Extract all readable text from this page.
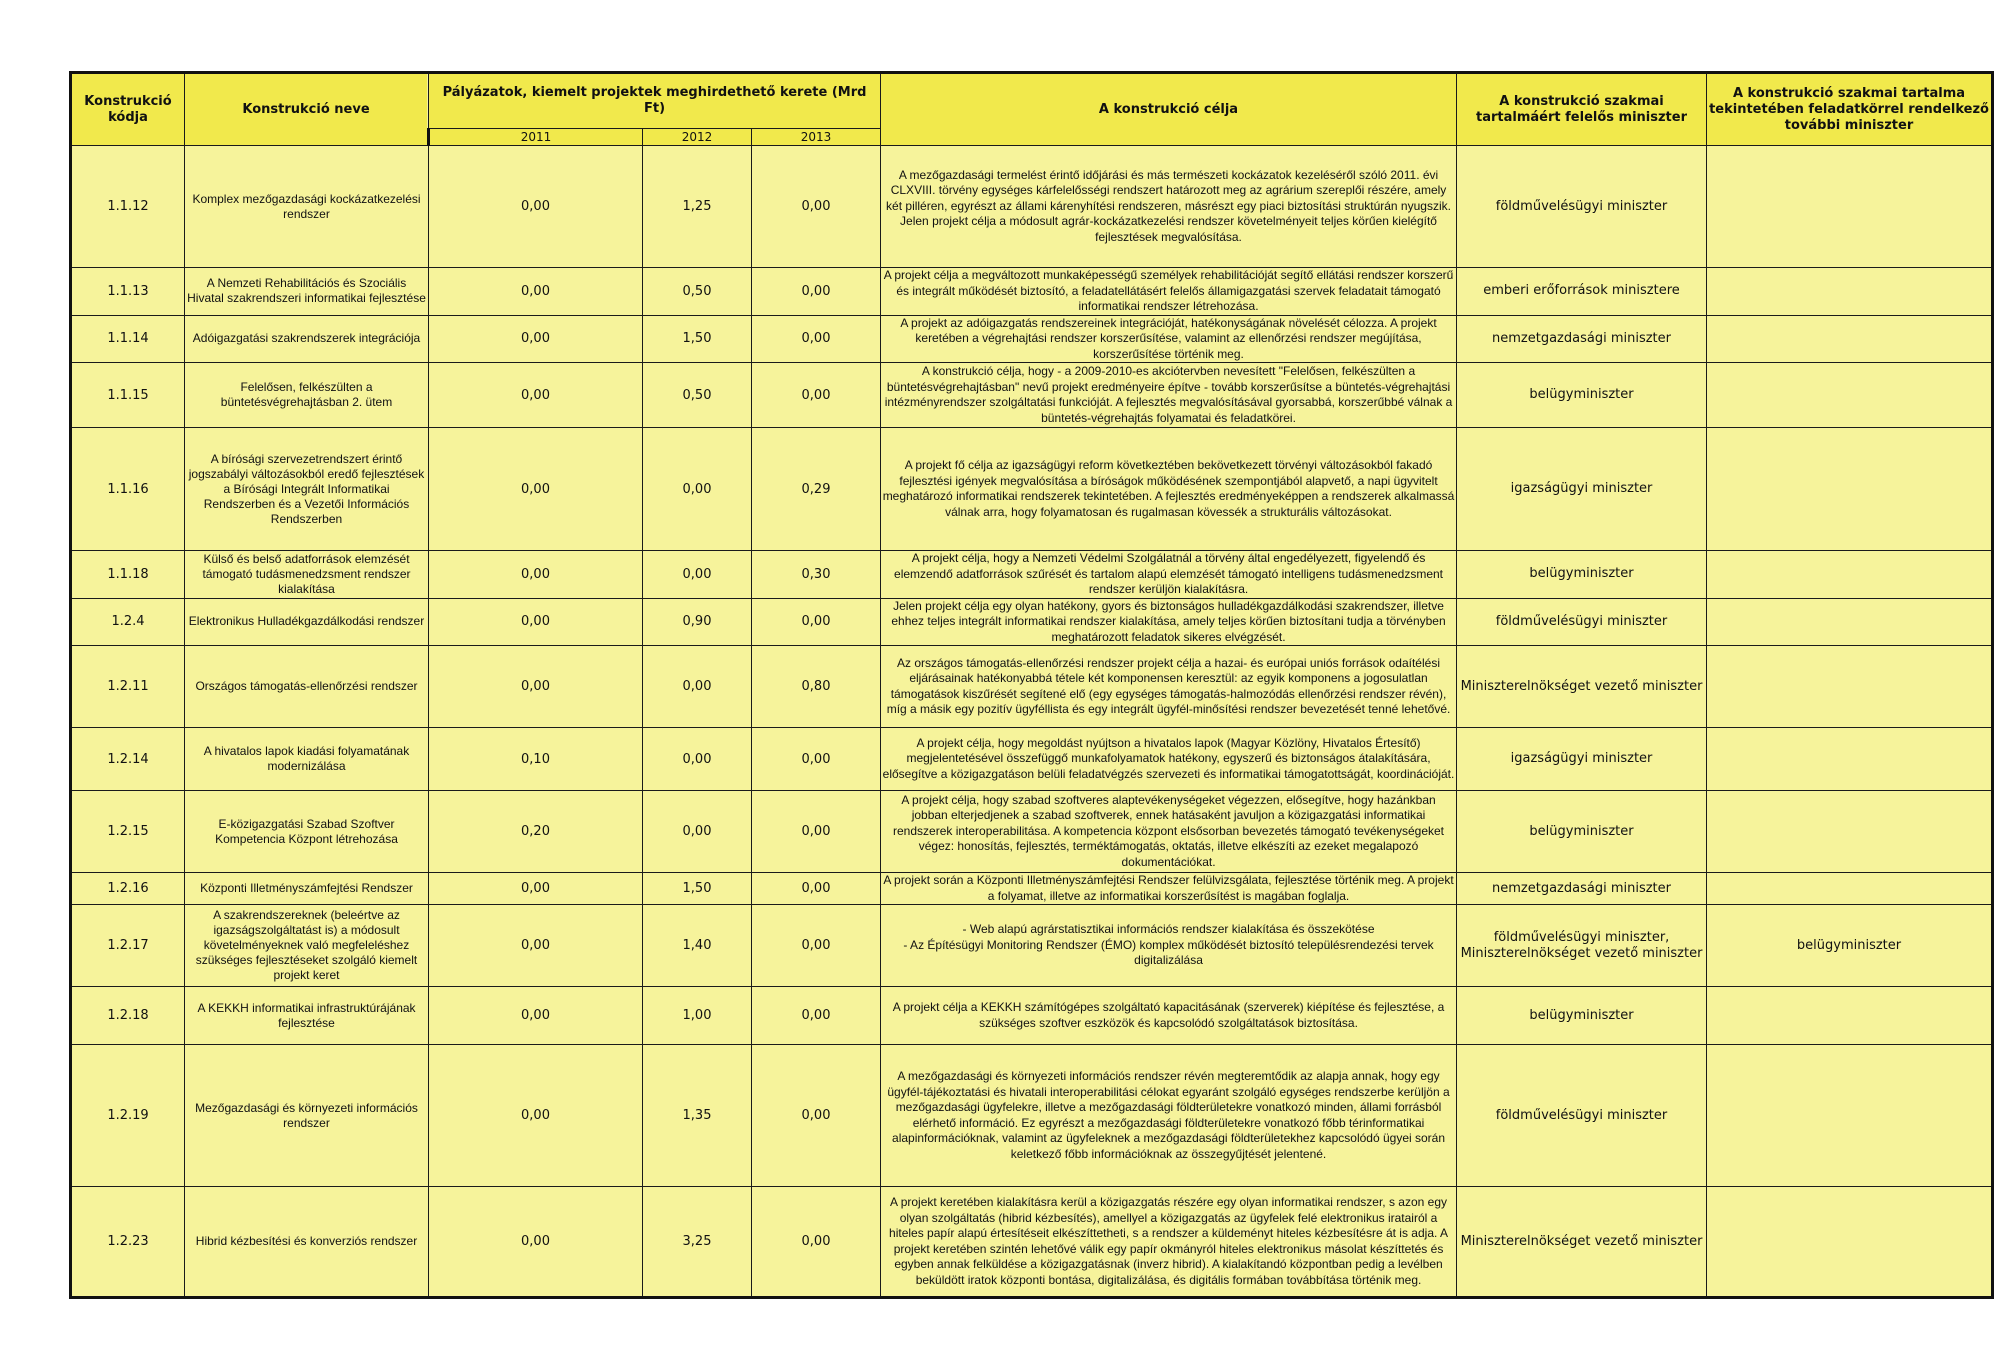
Konstrukció kódja	Konstrukció neve	Pályázatok, kiemelt projektek meghirdethető kerete (Mrd Ft)			A konstrukció célja	A konstrukció szakmai tartalmáért felelős miniszter	A konstrukció szakmai tartalma tekintetében feladatkörrel rendelkező további miniszter
		2011	2012	2013			
1.1.12	Komplex mezőgazdasági kockázatkezelési rendszer	0,00	1,25	0,00	A mezőgazdasági termelést érintő időjárási és más természeti kockázatok kezeléséről szóló 2011. évi CLXVIII. törvény egységes kárfelelősségi rendszert határozott meg az agrárium szereplői részére, amely két pilléren, egyrészt az állami kárenyhítési rendszeren, másrészt egy piaci biztosítási struktúrán nyugszik. Jelen projekt célja a módosult agrár-kockázatkezelési rendszer követelményeit teljes körűen kielégítő fejlesztések megvalósítása.	földművelésügyi miniszter	
1.1.13	A Nemzeti Rehabilitációs és Szociális Hivatal szakrendszeri informatikai fejlesztése	0,00	0,50	0,00	A projekt célja a megváltozott munkaképességű személyek rehabilitációját segítő ellátási rendszer korszerű és integrált működését biztosító, a feladatellátásért felelős államigazgatási szervek feladatait támogató informatikai rendszer létrehozása.	emberi erőforrások minisztere	
1.1.14	Adóigazgatási szakrendszerek integrációja	0,00	1,50	0,00	A projekt az adóigazgatás rendszereinek integrációját, hatékonyságának növelését célozza. A projekt keretében a végrehajtási rendszer korszerűsítése, valamint az ellenőrzési rendszer megújítása, korszerűsítése történik meg.	nemzetgazdasági miniszter	
1.1.15	Felelősen, felkészülten a büntetésvégrehajtásban 2. ütem	0,00	0,50	0,00	A konstrukció célja, hogy - a 2009-2010-es akciótervben nevesített "Felelősen, felkészülten a büntetésvégrehajtásban" nevű projekt eredményeire építve - tovább korszerűsítse a büntetés-végrehajtási intézményrendszer szolgáltatási funkcióját. A fejlesztés megvalósításával gyorsabbá, korszerűbbé válnak a büntetés-végrehajtás folyamatai és feladatkörei.	belügyminiszter	
1.1.16	A bírósági szervezetrendszert érintő jogszabályi változásokból eredő fejlesztések a Bírósági Integrált Informatikai Rendszerben és a Vezetői Információs Rendszerben	0,00	0,00	0,29	A projekt fő célja az igazságügyi reform következtében bekövetkezett törvényi változásokból fakadó fejlesztési igények megvalósítása a bíróságok működésének szempontjából alapvető, a napi ügyvitelt meghatározó informatikai rendszerek tekintetében. A fejlesztés eredményeképpen a rendszerek alkalmassá válnak arra, hogy folyamatosan és rugalmasan kövessék a strukturális változásokat.	igazságügyi miniszter	
1.1.18	Külső és belső adatforrások elemzését támogató tudásmenedzsment rendszer kialakítása	0,00	0,00	0,30	A projekt célja, hogy a Nemzeti Védelmi Szolgálatnál a törvény által engedélyezett, figyelendő és elemzendő adatforrások szűrését és tartalom alapú elemzését támogató intelligens tudásmenedzsment rendszer kerüljön kialakításra.	belügyminiszter	
1.2.4	Elektronikus Hulladékgazdálkodási rendszer	0,00	0,90	0,00	Jelen projekt célja egy olyan hatékony, gyors és biztonságos hulladékgazdálkodási szakrendszer, illetve ehhez teljes integrált informatikai rendszer kialakítása, amely teljes körűen biztosítani tudja a törvényben meghatározott feladatok sikeres elvégzését.	földművelésügyi miniszter	
1.2.11	Országos támogatás-ellenőrzési rendszer	0,00	0,00	0,80	Az országos támogatás-ellenőrzési rendszer projekt célja a hazai- és európai uniós források odaítélési eljárásainak hatékonyabbá tétele két komponensen keresztül: az egyik komponens a jogosulatlan támogatások kiszűrését segítené elő (egy egységes támogatás-halmozódás ellenőrzési rendszer révén), míg a másik egy pozitív ügyféllista és egy integrált ügyfél-minősítési rendszer bevezetését tenné lehetővé.	Miniszterelnökséget vezető miniszter	
1.2.14	A hivatalos lapok kiadási folyamatának modernizálása	0,10	0,00	0,00	A projekt célja, hogy megoldást nyújtson a hivatalos lapok (Magyar Közlöny, Hivatalos Értesítő) megjelentetésével összefüggő munkafolyamatok hatékony, egyszerű és biztonságos átalakítására, elősegítve a közigazgatáson belüli feladatvégzés szervezeti és informatikai támogatottságát, koordinációját.	igazságügyi miniszter	
1.2.15	E-közigazgatási Szabad Szoftver Kompetencia Központ létrehozása	0,20	0,00	0,00	A projekt célja, hogy szabad szoftveres alaptevékenységeket végezzen, elősegítve, hogy hazánkban jobban elterjedjenek a szabad szoftverek, ennek hatásaként javuljon a közigazgatási informatikai rendszerek interoperabilitása. A kompetencia központ elsősorban bevezetés támogató tevékenységeket végez: honosítás, fejlesztés, terméktámogatás, oktatás, illetve elkészíti az ezeket megalapozó dokumentációkat.	belügyminiszter	
1.2.16	Központi Illetményszámfejtési Rendszer	0,00	1,50	0,00	A projekt során a Központi Illetményszámfejtési Rendszer felülvizsgálata, fejlesztése történik meg. A projekt a folyamat, illetve az informatikai korszerűsítést is magában foglalja.	nemzetgazdasági miniszter	
1.2.17	A szakrendszereknek (beleértve az igazságszolgáltatást is) a módosult követelményeknek való megfeleléshez szükséges fejlesztéseket szolgáló kiemelt projekt keret	0,00	1,40	0,00	- Web alapú agrárstatisztikai információs rendszer kialakítása és összekötése
- Az Építésügyi Monitoring Rendszer (ÉMO) komplex működését biztosító településrendezési tervek digitalizálása	földművelésügyi miniszter, Miniszterelnökséget vezető miniszter	belügyminiszter
1.2.18	A KEKKH informatikai infrastruktúrájának fejlesztése	0,00	1,00	0,00	A projekt célja a KEKKH számítógépes szolgáltató kapacitásának (szerverek) kiépítése és fejlesztése, a szükséges szoftver eszközök és kapcsolódó szolgáltatások biztosítása.	belügyminiszter	
1.2.19	Mezőgazdasági és környezeti információs rendszer	0,00	1,35	0,00	A mezőgazdasági és környezeti információs rendszer révén megteremtődik az alapja annak, hogy egy ügyfél-tájékoztatási és hivatali interoperabilitási célokat egyaránt szolgáló egységes rendszerbe kerüljön a mezőgazdasági ügyfelekre, illetve a mezőgazdasági földterületekre vonatkozó minden, állami forrásból elérhető információ. Ez egyrészt a mezőgazdasági földterületekre vonatkozó főbb térinformatikai alapinformációknak, valamint az ügyfeleknek a mezőgazdasági földterületekhez kapcsolódó ügyei során keletkező főbb információknak az összegyűjtését jelentené.	földművelésügyi miniszter	
1.2.23	Hibrid kézbesítési és konverziós rendszer	0,00	3,25	0,00	A projekt keretében kialakításra kerül a közigazgatás részére egy olyan informatikai rendszer, s azon egy olyan szolgáltatás (hibrid kézbesítés), amellyel a közigazgatás az ügyfelek felé elektronikus iratairól a hiteles papír alapú értesítéseit elkészíttetheti, s a rendszer a küldeményt hiteles kézbesítésre át is adja. A projekt keretében szintén lehetővé válik egy papír okmányról hiteles elektronikus másolat készíttetés és egyben annak felküldése a közigazgatásnak (inverz hibrid). A kialakítandó központban pedig a levélben beküldött iratok központi bontása, digitalizálása, és digitális formában továbbítása történik meg.	Miniszterelnökséget vezető miniszter	
